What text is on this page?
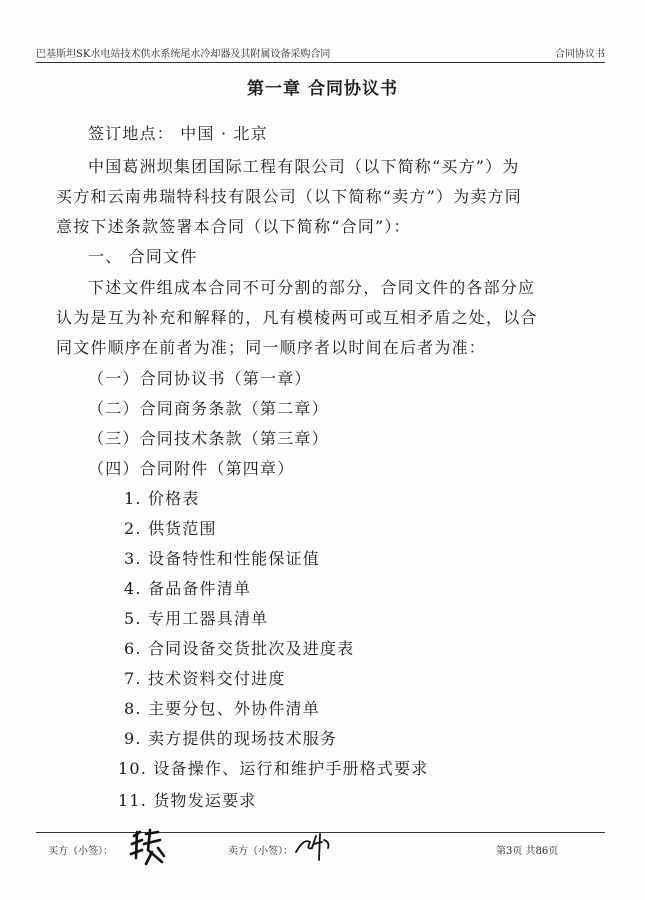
巴基斯坦SK水电站技术供水系统尾水冷却器及其附属设备采购合同	合同协议书
第一章 合同协议书
签订地点： 中国 · 北京
中国葛洲坝集团国际工程有限公司（以下简称“买方”）为
买方和云南弗瑞特科技有限公司（以下简称“卖方”）为卖方同
意按下述条款签署本合同（以下简称“合同”）：
一、 合同文件
下述文件组成本合同不可分割的部分，合同文件的各部分应
认为是互为补充和解释的，凡有模棱两可或互相矛盾之处，以合
同文件顺序在前者为准；同一顺序者以时间在后者为准：
（一）合同协议书（第一章）
（二）合同商务条款（第二章）
（三）合同技术条款（第三章）
（四）合同附件（第四章）
1. 价格表
2. 供货范围
3. 设备特性和性能保证值
4. 备品备件清单
5. 专用工器具清单
6. 合同设备交货批次及进度表
7. 技术资料交付进度
8. 主要分包、外协件清单
9. 卖方提供的现场技术服务
10. 设备操作、运行和维护手册格式要求
11. 货物发运要求
买方（小签）：	卖方（小签）：	第3页 共86页
